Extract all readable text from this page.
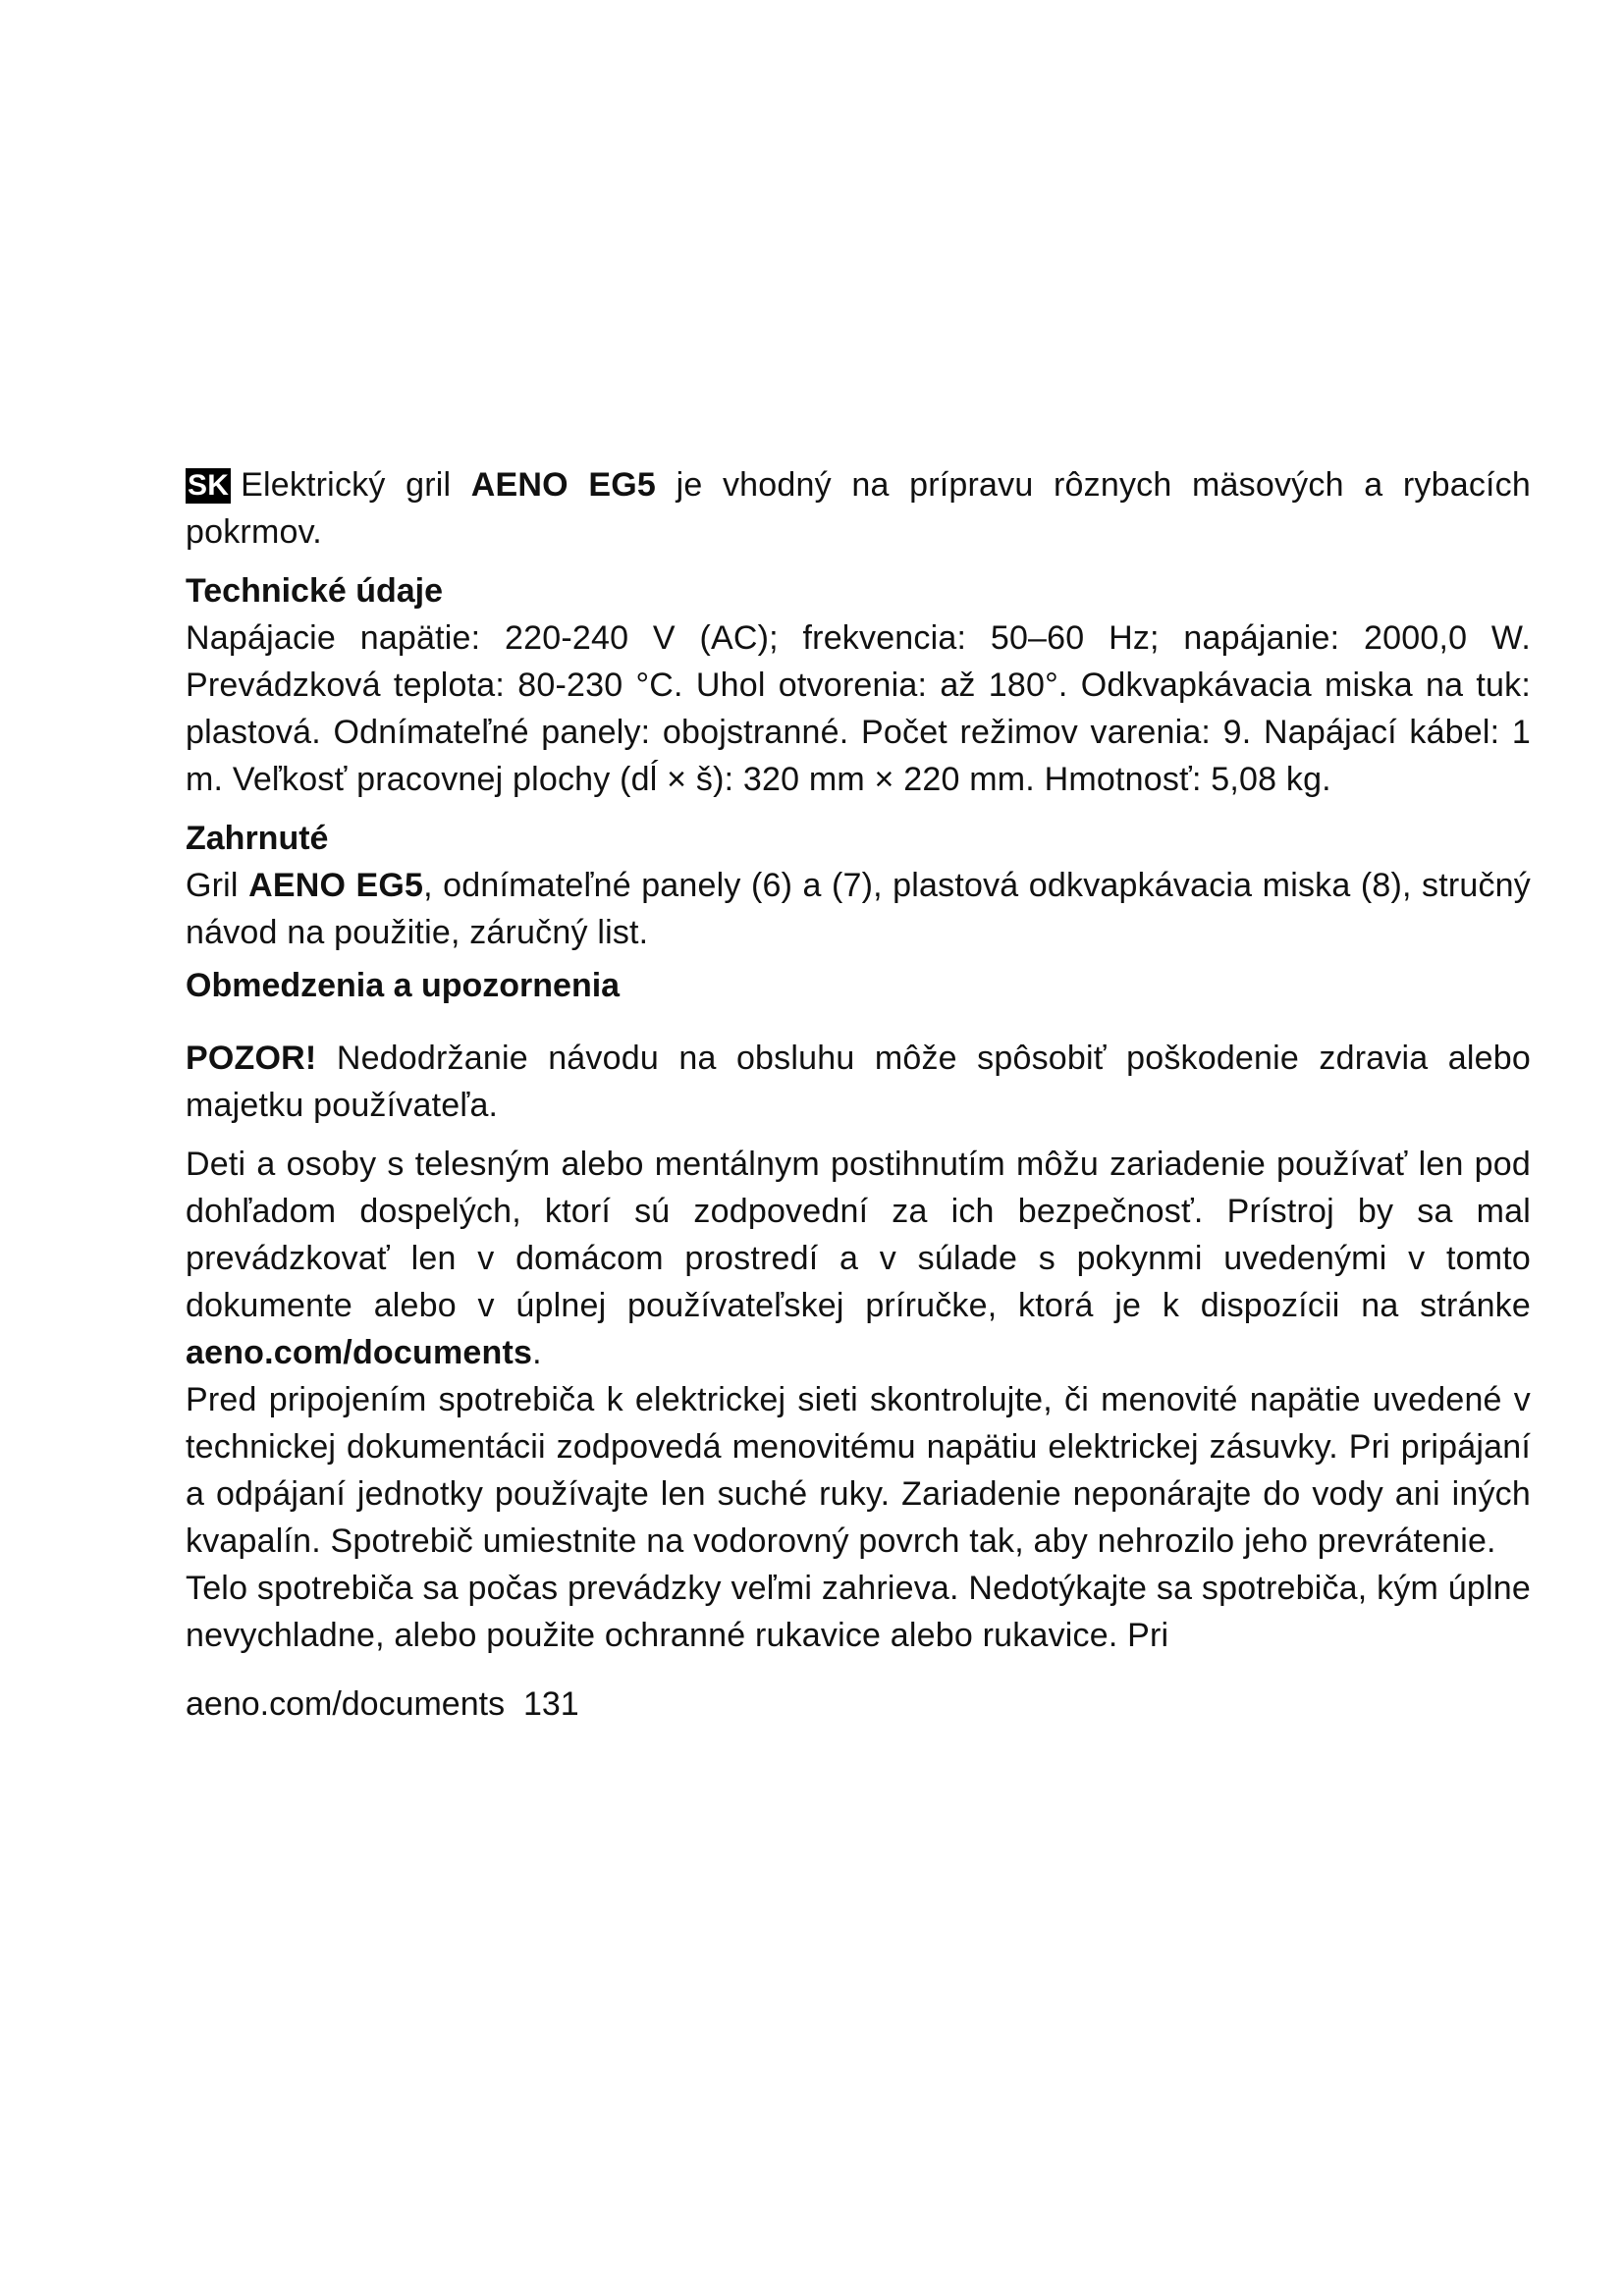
SK Elektrický gril AENO EG5 je vhodný na prípravu rôznych mäsových a rybacích pokrmov.

Technické údaje

Napájacie napätie: 220-240 V (AC); frekvencia: 50–60 Hz; napájanie: 2000,0 W. Prevádzková teplota: 80-230 °C. Uhol otvorenia: až 180°. Odkvapkávacia miska na tuk: plastová. Odnímateľné panely: obojstranné. Počet režimov varenia: 9. Napájací kábel: 1 m. Veľkosť pracovnej plochy (dĺ × š): 320 mm × 220 mm. Hmotnosť: 5,08 kg.

Zahrnuté

Gril AENO EG5, odnímateľné panely (6) a (7), plastová odkvapkávacia miska (8), stručný návod na použitie, záručný list.

Obmedzenia a upozornenia

POZOR! Nedodržanie návodu na obsluhu môže spôsobiť poškodenie zdravia alebo majetku používateľa.

Deti a osoby s telesným alebo mentálnym postihnutím môžu zariadenie používať len pod dohľadom dospelých, ktorí sú zodpovední za ich bezpečnosť. Prístroj by sa mal prevádzkovať len v domácom prostredí a v súlade s pokynmi uvedenými v tomto dokumente alebo v úplnej používateľskej príručke, ktorá je k dispozícii na stránke aeno.com/documents.

Pred pripojením spotrebiča k elektrickej sieti skontrolujte, či menovité napätie uvedené v technickej dokumentácii zodpovedá menovitému napätiu elektrickej zásuvky. Pri pripájaní a odpájaní jednotky používajte len suché ruky. Zariadenie neponárajte do vody ani iných kvapalín. Spotrebič umiestnite na vodorovný povrch tak, aby nehrozilo jeho prevrátenie.

Telo spotrebiča sa počas prevádzky veľmi zahrieva. Nedotýkajte sa spotrebiča, kým úplne nevychladne, alebo použite ochranné rukavice alebo rukavice. Pri

aeno.com/documents 131
